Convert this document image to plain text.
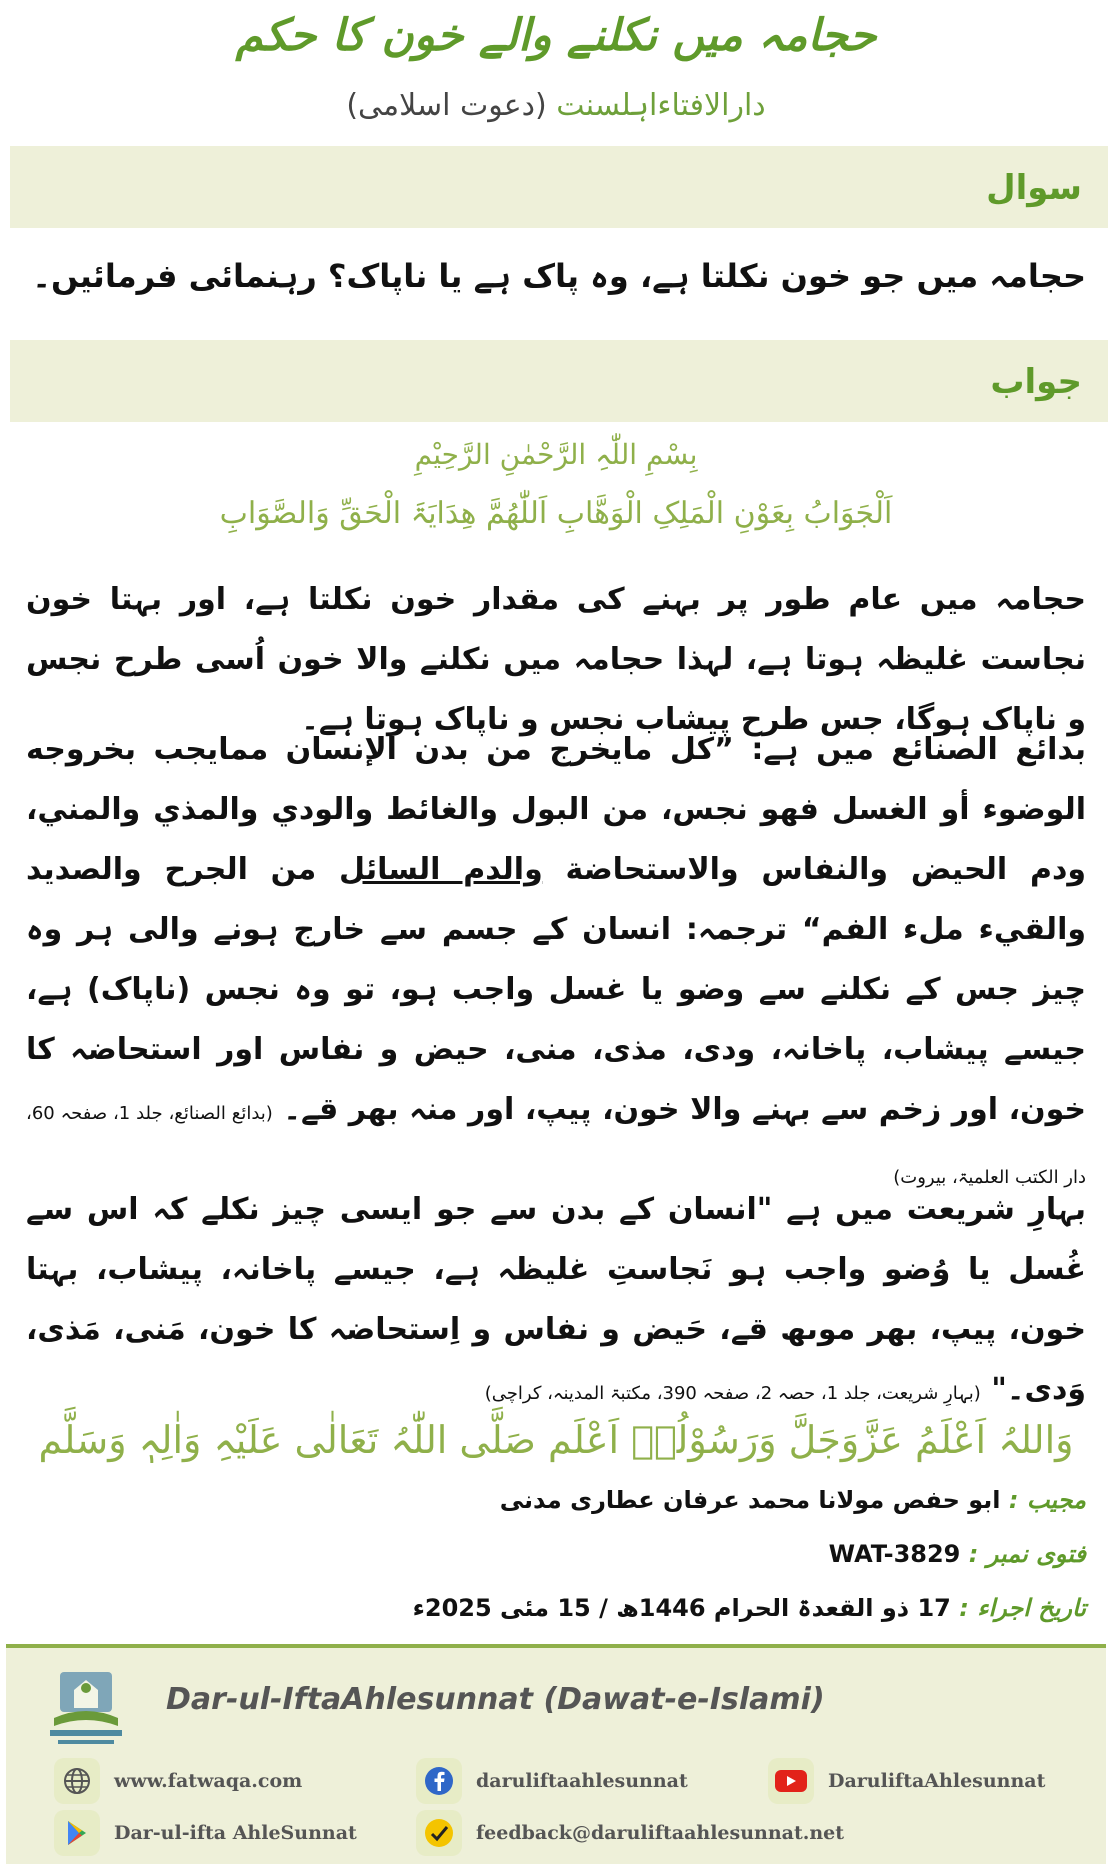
حجامہ میں نکلنے والے خون کا حکم
دارالافتاءاہلسنت (دعوت اسلامی)
سوال
حجامہ میں جو خون نکلتا ہے، وہ پاک ہے یا ناپاک؟ رہنمائی فرمائیں۔
جواب
بِسْمِ اللّٰہِ الرَّحْمٰنِ الرَّحِیْمِ
اَلْجَوَابُ بِعَوْنِ الْمَلِکِ الْوَھَّابِ اَللّٰھُمَّ ھِدَایَۃَ الْحَقِّ وَالصَّوَابِ
حجامہ میں عام طور پر بہنے کی مقدار خون نکلتا ہے، اور بہتا خون نجاست غلیظہ ہوتا ہے، لہذا حجامہ میں نکلنے والا خون اُسی طرح نجس و ناپاک ہوگا، جس طرح پیشاب نجس و ناپاک ہوتا ہے۔
بدائع الصنائع میں ہے: ”کل مایخرج من بدن الإنسان ممایجب بخروجه الوضوء أو الغسل فهو نجس، من البول والغائط والودي والمذي والمني، ودم الحيض والنفاس والاستحاضة والدم السائل من الجرح والصديد والقيء ملء الفم“ ترجمہ: انسان کے جسم سے خارج ہونے والی ہر وہ چیز جس کے نکلنے سے وضو یا غسل واجب ہو، تو وہ نجس (ناپاک) ہے، جیسے پیشاب، پاخانہ، ودی، مذی، منی، حیض و نفاس اور استحاضہ کا خون، اور زخم سے بہنے والا خون، پیپ، اور منہ بھر قے۔ (بدائع الصنائع، جلد 1، صفحہ 60، دار الکتب العلمیۃ، بیروت)
بہارِ شریعت میں ہے "انسان کے بدن سے جو ایسی چیز نکلے کہ اس سے غُسل یا وُضو واجب ہو نَجاستِ غلیظہ ہے، جیسے پاخانہ، پیشاب، بہتا خون، پیپ، بھر موںھ قے، حَیض و نفاس و اِستحاضہ کا خون، مَنی، مَذی، وَدی۔" (بہارِ شریعت، جلد 1، حصہ 2، صفحہ 390، مکتبۃ المدینہ، کراچی)
وَاللہُ اَعْلَمُ عَزَّوَجَلَّ وَرَسُوْلُہٗ اَعْلَم صَلَّی اللّٰہُ تَعَالٰی عَلَیْہِ وَاٰلِہٖ وَسَلَّم
مجیب : ابو حفص مولانا محمد عرفان عطاری مدنی
فتوی نمبر : WAT-3829
تاریخ اجراء : 17 ذو القعدۃ الحرام 1446ھ / 15 مئی 2025ء
Dar-ul-IftaAhlesunnat (Dawat-e-Islami)
www.fatwaqa.com	daruliftaahlesunnat	DaruliftaAhlesunnat
Dar-ul-ifta AhleSunnat	feedback@daruliftaahlesunnat.net
